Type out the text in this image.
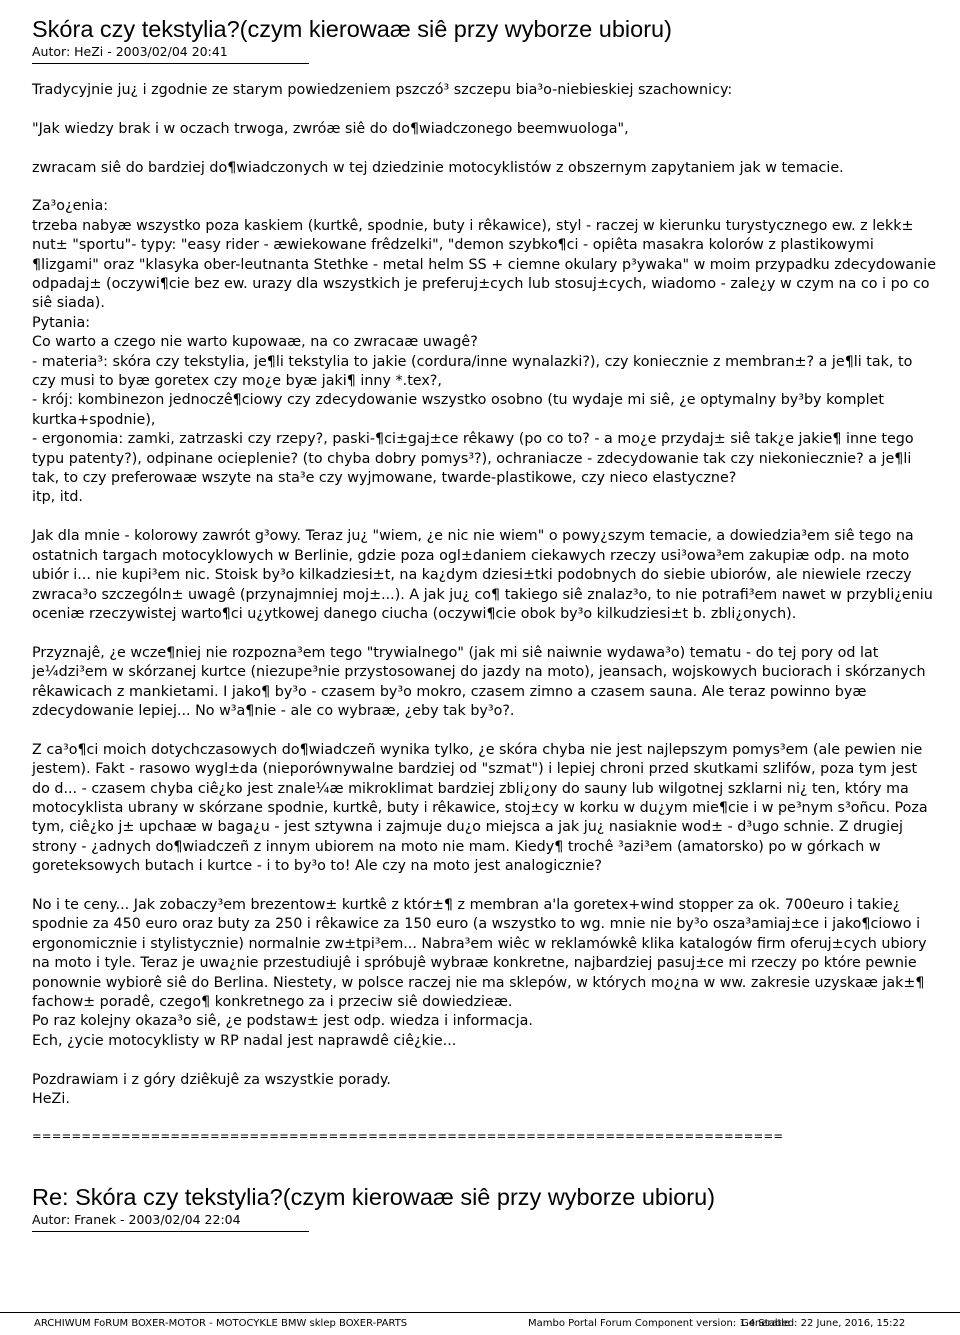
Skóra czy tekstylia?(czym kierowaæ siê przy wyborze ubioru)
Autor: HeZi - 2003/02/04 20:41

Tradycyjnie ju¿ i zgodnie ze starym powiedzeniem pszczó³ szczepu bia³o-niebieskiej szachownicy:

"Jak wiedzy brak i w oczach trwoga, zwróæ siê do do¶wiadczonego beemwuologa",

zwracam siê do bardziej do¶wiadczonych w tej dziedzinie motocyklistów z obszernym zapytaniem jak w temacie.

Za³o¿enia:
trzeba nabyæ wszystko poza kaskiem (kurtkê, spodnie, buty i rêkawice), styl - raczej w kierunku turystycznego ew. z lekk± nut± "sportu"- typy: "easy rider - æwiekowane frêdzelki", "demon szybko¶ci - opiêta masakra kolorów z plastikowymi ¶lizgami" oraz "klasyka ober-leutnanta Stethke - metal helm SS + ciemne okulary p³ywaka" w moim przypadku zdecydowanie odpadaj± (oczywi¶cie bez ew. urazy dla wszystkich je preferuj±cych lub stosuj±cych, wiadomo - zale¿y w czym na co i po co siê siada).
Pytania:
Co warto a czego nie warto kupowaæ, na co zwracaæ uwagê?
- materia³: skóra czy tekstylia, je¶li tekstylia to jakie (cordura/inne wynalazki?), czy koniecznie z membran±? a je¶li tak, to czy musi to byæ goretex czy mo¿e byæ jaki¶ inny *.tex?,
- krój: kombinezon jednoczê¶ciowy czy zdecydowanie wszystko osobno (tu wydaje mi siê, ¿e optymalny by³by komplet kurtka+spodnie),
- ergonomia: zamki, zatrzaski czy rzepy?, paski-¶ci±gaj±ce rêkawy (po co to? - a mo¿e przydaj± siê tak¿e jakie¶ inne tego typu patenty?), odpinane ocieplenie? (to chyba dobry pomys³?), ochraniacze - zdecydowanie tak czy niekoniecznie? a je¶li tak, to czy preferowaæ wszyte na sta³e czy wyjmowane, twarde-plastikowe, czy nieco elastyczne?
itp, itd.

Jak dla mnie - kolorowy zawrót g³owy. Teraz ju¿ "wiem, ¿e nic nie wiem" o powy¿szym temacie, a dowiedzia³em siê tego na ostatnich targach motocyklowych w Berlinie, gdzie poza ogl±daniem ciekawych rzeczy usi³owa³em zakupiæ odp. na moto ubiór i... nie kupi³em nic. Stoisk by³o kilkadziesi±t, na ka¿dym dziesi±tki podobnych do siebie ubiorów, ale niewiele rzeczy zwraca³o szczególn± uwagê (przynajmniej moj±...). A jak ju¿ co¶ takiego siê znalaz³o, to nie potrafi³em nawet w przybli¿eniu oceniæ rzeczywistej warto¶ci u¿ytkowej danego ciucha (oczywi¶cie obok by³o kilkudziesi±t b. zbli¿onych).

Przyznajê, ¿e wcze¶niej nie rozpozna³em tego "trywialnego" (jak mi siê naiwnie wydawa³o) tematu - do tej pory od lat je¼dzi³em w skórzanej kurtce (niezupe³nie przystosowanej do jazdy na moto), jeansach, wojskowych buciorach i skórzanych rêkawicach z mankietami. I jako¶ by³o - czasem by³o mokro, czasem zimno a czasem sauna. Ale teraz powinno byæ zdecydowanie lepiej... No w³a¶nie - ale co wybraæ, ¿eby tak by³o?.

Z ca³o¶ci moich dotychczasowych do¶wiadczeñ wynika tylko, ¿e skóra chyba nie jest najlepszym pomys³em (ale pewien nie jestem). Fakt - rasowo wygl±da (nieporównywalne bardziej od "szmat") i lepiej chroni przed skutkami szlifów, poza tym jest do d... - czasem chyba ciê¿ko jest znale¼æ mikroklimat bardziej zbli¿ony do sauny lub wilgotnej szklarni ni¿ ten, który ma motocyklista ubrany w skórzane spodnie, kurtkê, buty i rêkawice, stoj±cy w korku w du¿ym mie¶cie i w pe³nym s³oñcu. Poza tym, ciê¿ko j± upchaæ w baga¿u - jest sztywna i zajmuje du¿o miejsca a jak ju¿ nasiaknie wod± - d³ugo schnie. Z drugiej strony - ¿adnych do¶wiadczeñ z innym ubiorem na moto nie mam. Kiedy¶ trochê ³azi³em (amatorsko) po w górkach w goreteksowych butach i kurtce - i to by³o to! Ale czy na moto jest analogicznie?

No i te ceny... Jak zobaczy³em brezentow± kurtkê z któr±¶ z membran a'la goretex+wind stopper za ok. 700euro i takie¿ spodnie za 450 euro oraz buty za 250 i rêkawice za 150 euro (a wszystko to wg. mnie nie by³o osza³amiaj±ce i jako¶ciowo i ergonomicznie i stylistycznie) normalnie zw±tpi³em... Nabra³em wiêc w reklamówkê klika katalogów firm oferuj±cych ubiory na moto i tyle. Teraz je uwa¿nie przestudiujê i spróbujê wybraæ konkretne, najbardziej pasuj±ce mi rzeczy po które pewnie ponownie wybiorê siê do Berlina. Niestety, w polsce raczej nie ma sklepów, w których mo¿na w ww. zakresie uzyskaæ jak±¶ fachow± poradê, czego¶ konkretnego za i przeciw siê dowiedzieæ.
Po raz kolejny okaza³o siê, ¿e podstaw± jest odp. wiedza i informacja.
Ech, ¿ycie motocyklisty w RP nadal jest naprawdê ciê¿kie...

Pozdrawiam i z góry dziêkujê za wszystkie porady.
HeZi.

============================================================================
Re: Skóra czy tekstylia?(czym kierowaæ siê przy wyborze ubioru)
Autor: Franek - 2003/02/04 22:04
ARCHIWUM FoRUM BOXER-MOTOR - MOTOCYKLE BMW sklep BOXER-PARTS	Mambo Portal Forum Component version: 1.4 Stable
Generated: 22 June, 2016, 15:22
